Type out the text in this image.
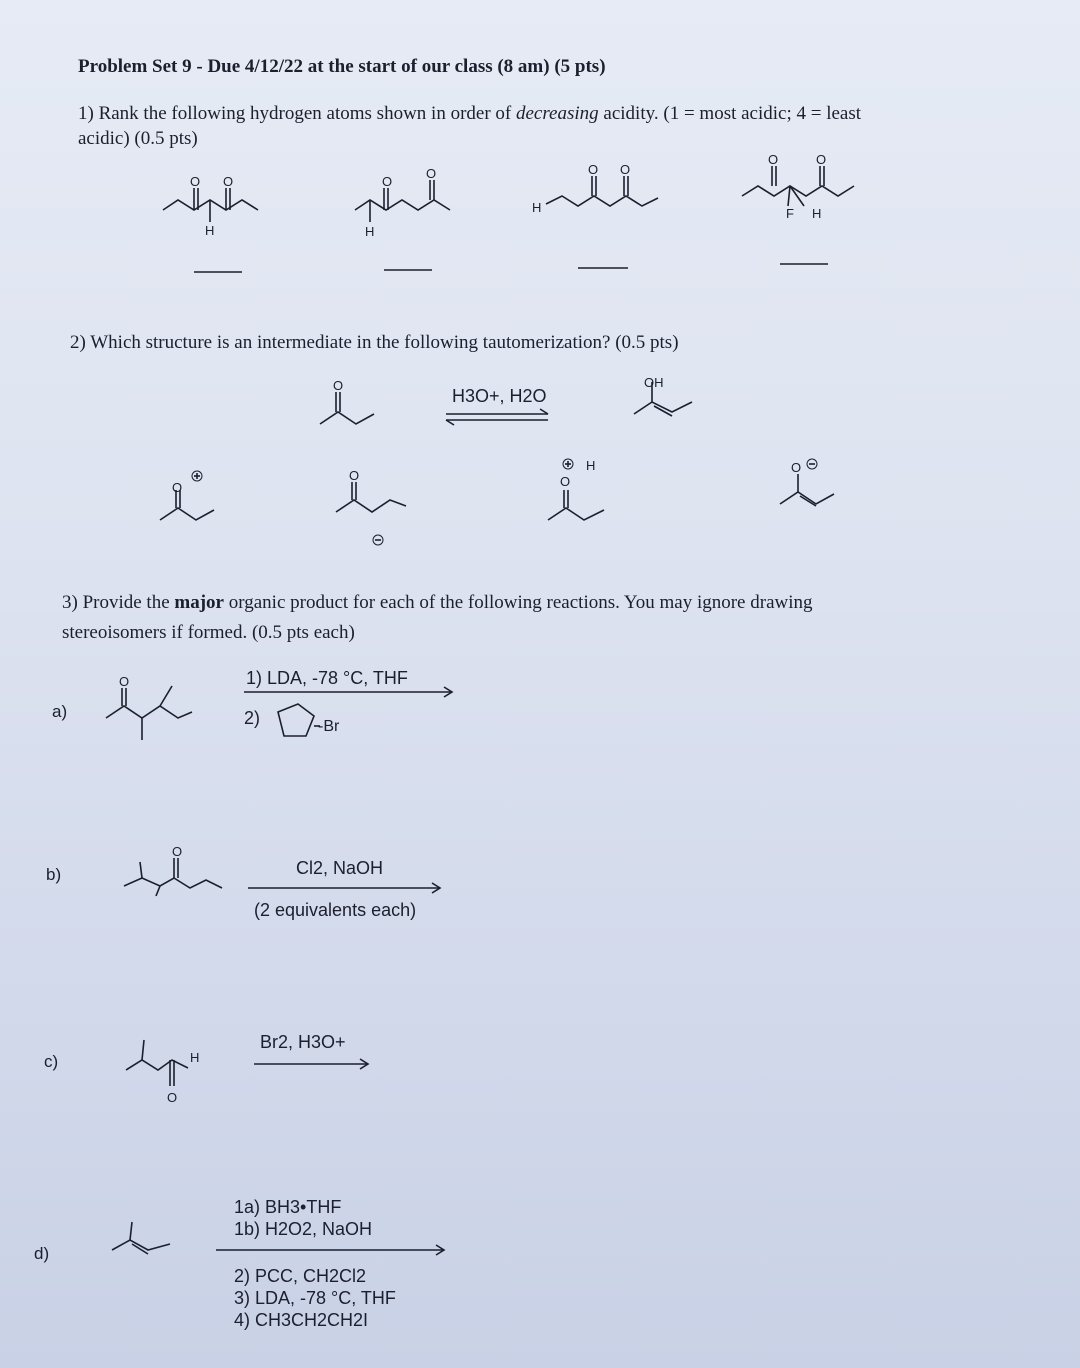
Problem Set 9 - Due 4/12/22 at the start of our class (8 am) (5 pts)
1) Rank the following hydrogen atoms shown in order of decreasing acidity. (1 = most acidic; 4 = least
acidic) (0.5 pts)
2) Which structure is an intermediate in the following tautomerization? (0.5 pts)
3) Provide the major organic product for each of the following reactions. You may ignore drawing
stereoisomers if formed. (0.5 pts each)
a)
b)
c)
d)
H3O+, H2O
1) LDA, -78 °C, THF
2)	-Br
Cl2, NaOH
(2 equivalents each)
Br2, H3O+
1a) BH3•THF
1b) H2O2, NaOH
2) PCC, CH2Cl2
3) LDA, -78 °C, THF
4) CH3CH2CH2I
O O
H
O
O
H
O O
H
O	O
F H
O	OH
O
O	O
H	O
O
O
O
H
